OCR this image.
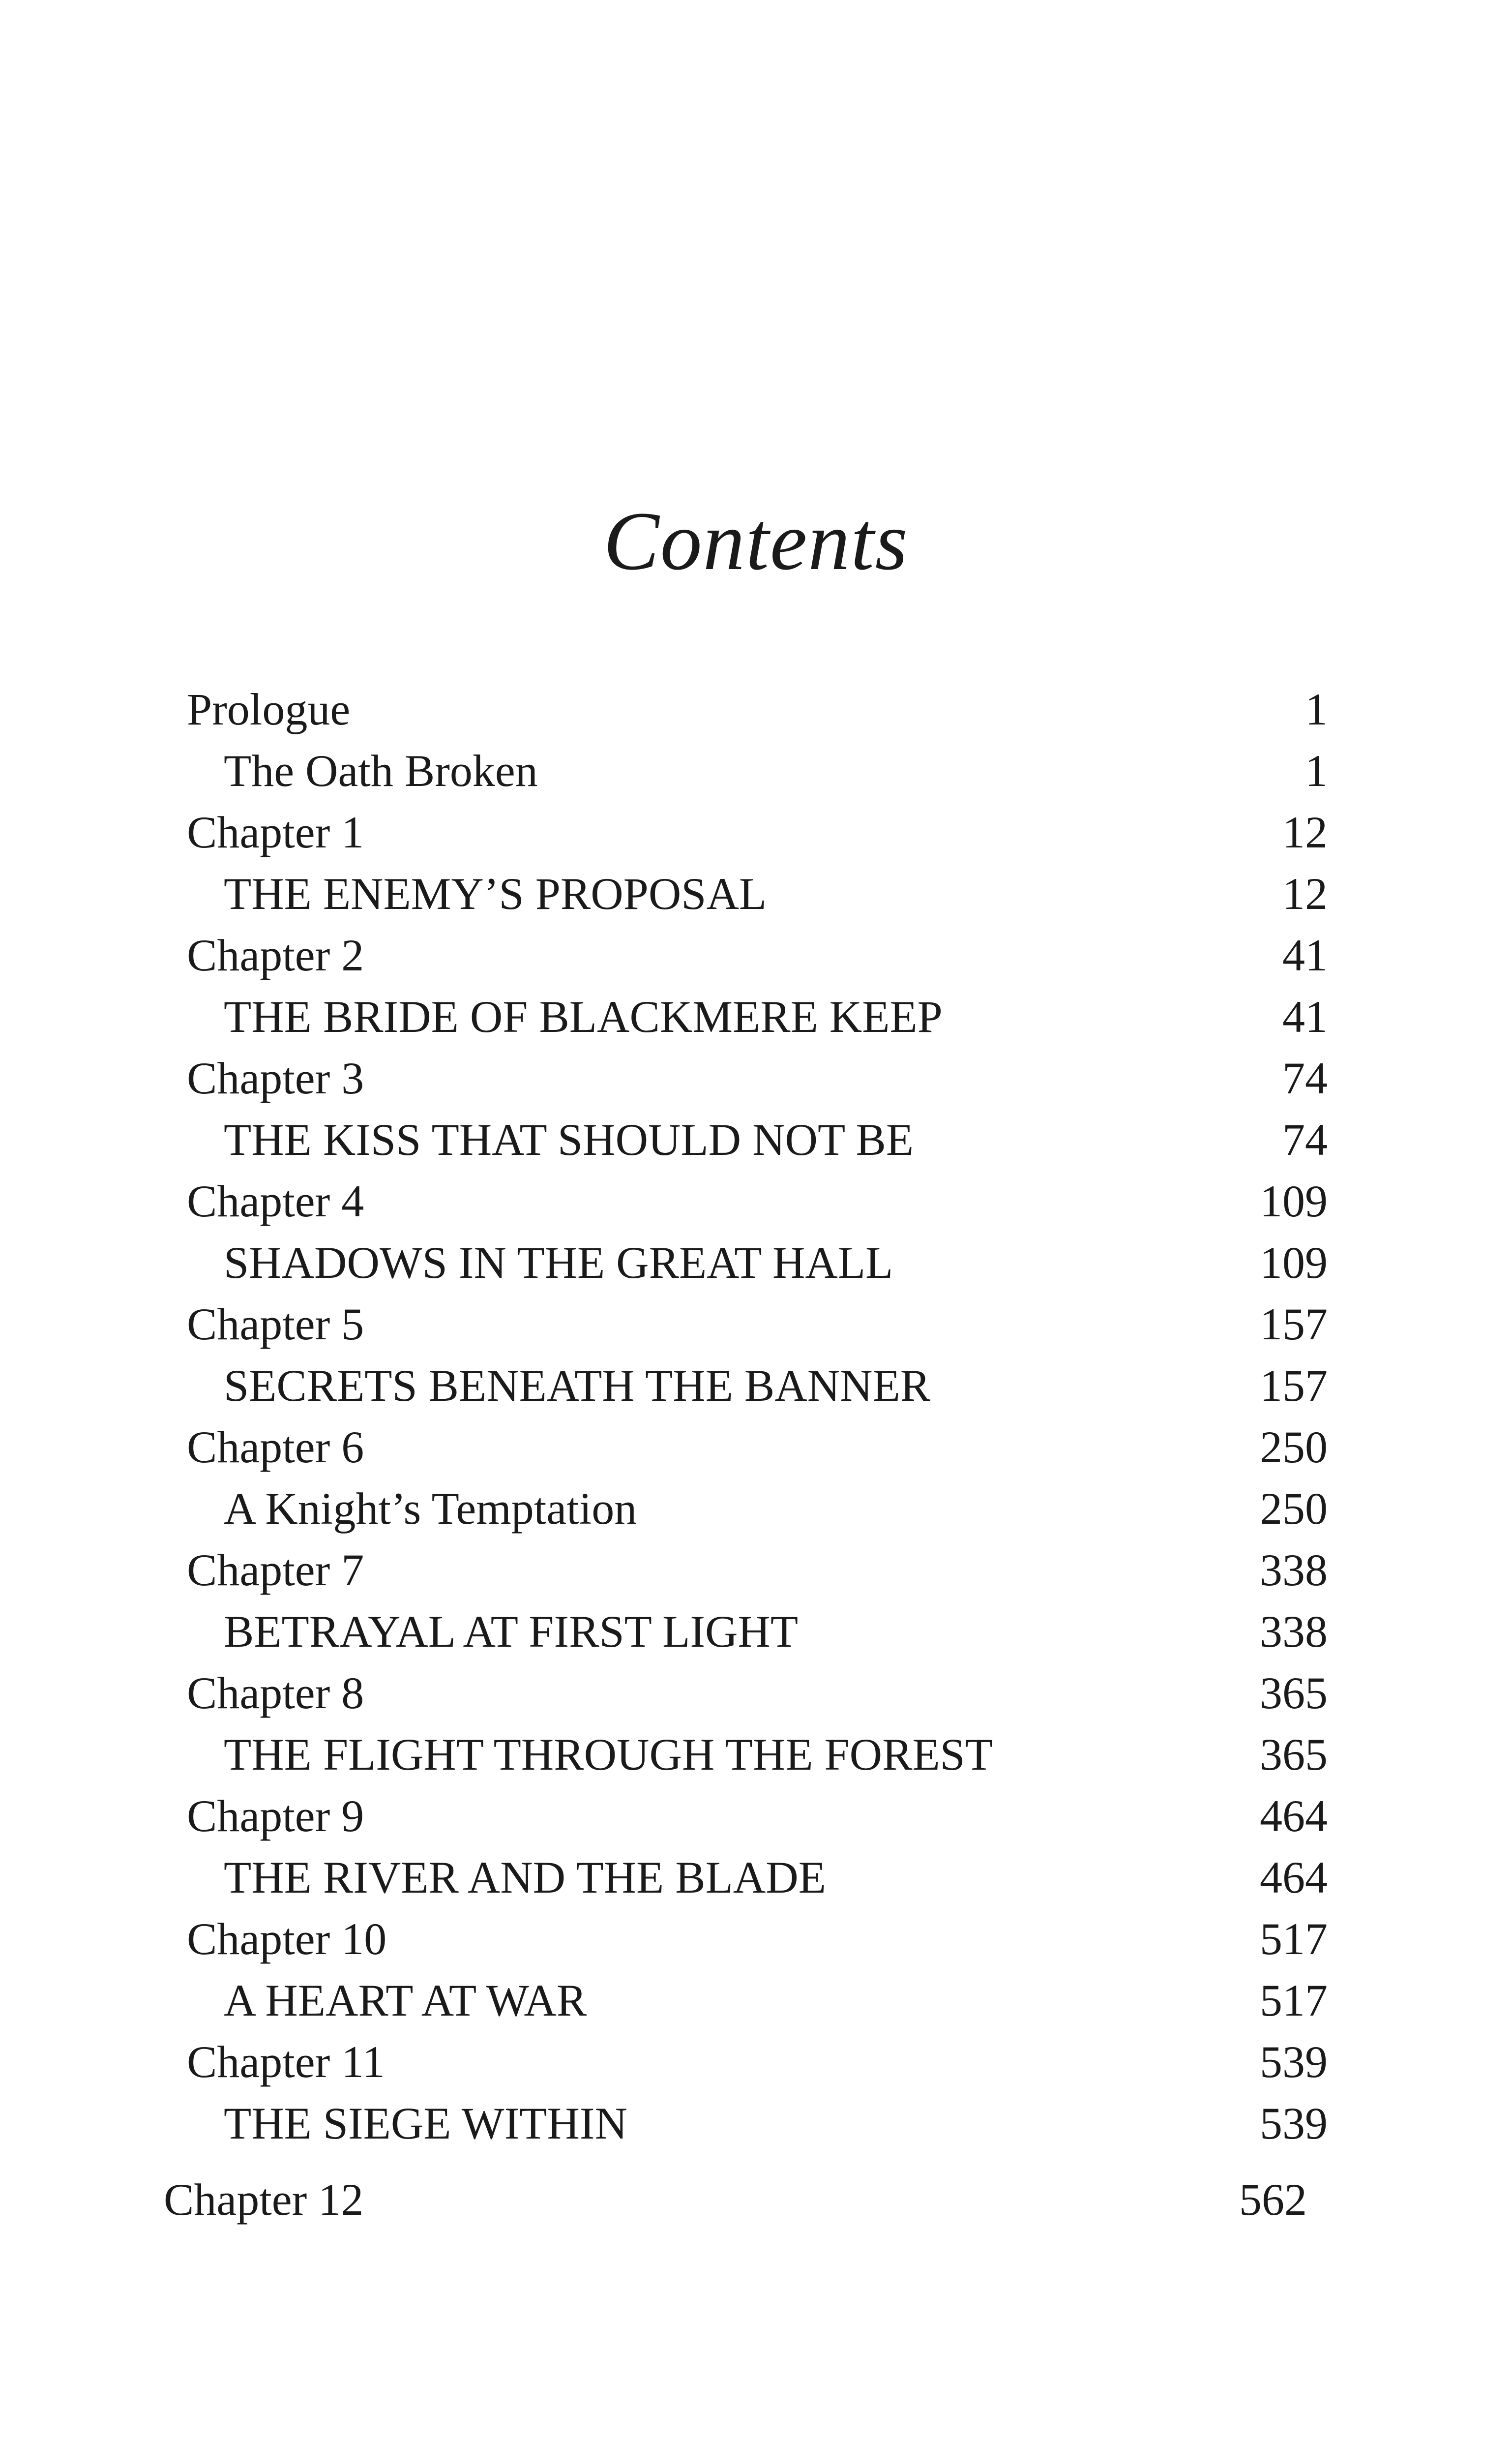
Contents
Prologue	1
The Oath Broken	1
Chapter 1	12
THE ENEMY’S PROPOSAL	12
Chapter 2	41
THE BRIDE OF BLACKMERE KEEP	41
Chapter 3	74
THE KISS THAT SHOULD NOT BE	74
Chapter 4	109
SHADOWS IN THE GREAT HALL	109
Chapter 5	157
SECRETS BENEATH THE BANNER	157
Chapter 6	250
A Knight’s Temptation	250
Chapter 7	338
BETRAYAL AT FIRST LIGHT	338
Chapter 8	365
THE FLIGHT THROUGH THE FOREST	365
Chapter 9	464
THE RIVER AND THE BLADE	464
Chapter 10	517
A HEART AT WAR	517
Chapter 11	539
THE SIEGE WITHIN	539
Chapter 12	562
